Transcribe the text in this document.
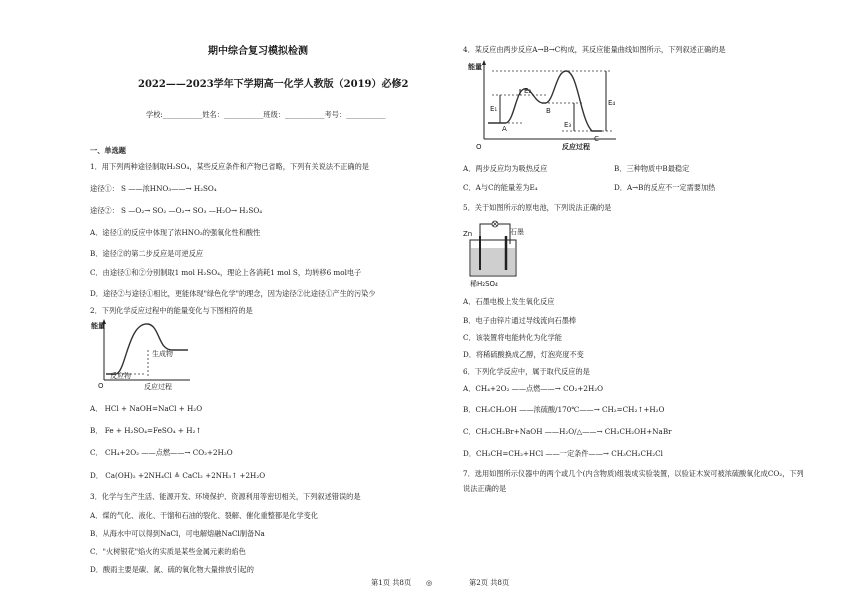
期中综合复习模拟检测
2022——2023学年下学期高一化学人教版（2019）必修2
学校:___________姓名：___________班级：___________考号：___________
一、单选题
1．用下列两种途径制取H₂SO₄，某些反应条件和产物已省略，下列有关说法不正确的是
途径①： S ——浓HNO₃——→ H₂SO₄
途径②： S —O₂→ SO₂ —O₂→ SO₃ —H₂O→ H₂SO₄
A．途径①的反应中体现了浓HNO₃的强氧化性和酸性
B．途径②的第二步反应是可逆反应
C．由途径①和②分别制取1 mol H₂SO₄，理论上各消耗1 mol S，均转移6 mol电子
D．途径②与途径①相比，更能体现"绿色化学"的理念，因为途径②比途径①产生的污染少
2．下列化学反应过程中的能量变化与下图相符的是
能量
生成物
反应物
O	反应过程
A． HCl + NaOH=NaCl + H₂O
B． Fe + H₂SO₄=FeSO₄ + H₂↑
C． CH₄+2O₂ ——点燃——→ CO₂+2H₂O
D． Ca(OH)₂ +2NH₄Cl ≜ CaCl₂ +2NH₃↑ +2H₂O
3．化学与生产生活、能源开发、环境保护、资源利用等密切相关，下列叙述错误的是
A．煤的气化、液化、干馏和石油的裂化、裂解、催化重整都是化学变化
B．从海水中可以得到NaCl，可电解熔融NaCl制备Na
C．"火树银花"焰火的实质是某些金属元素的焰色
D．酸雨主要是碳、氮、硫的氧化物大量排放引起的
4．某反应由两步反应A→B→C构成，其反应能量曲线如图所示，下列叙述正确的是
能量
A
B
C
E₁
E₂
E₃
E₄
O	反应过程
A．两步反应均为吸热反应	B．三种物质中B最稳定
C．A与C的能量差为E₄	D．A→B的反应不一定需要加热
5．关于如图所示的原电池，下列说法正确的是
Zn	石墨
稀H₂SO₄
A．石墨电极上发生氧化反应
B．电子由锌片通过导线流向石墨棒
C．该装置将电能转化为化学能
D．将稀硫酸换成乙醇，灯泡亮度不变
6．下列化学反应中，属于取代反应的是
A．CH₄+2O₂ ——点燃——→ CO₂+2H₂O
B．CH₃CH₂OH ——浓硫酸/170℃——→ CH₂=CH₂↑+H₂O
C．CH₃CH₂Br+NaOH ——H₂O/△——→ CH₃CH₂OH+NaBr
D．CH₃CH=CH₂+HCl ——一定条件——→ CH₃CH₂CH₂Cl
7．选用如图所示仪器中的两个或几个(内含物质)组装成实验装置，以验证木炭可被浓硫酸氧化成CO₂，下列
说法正确的是
第1页 共8页 ◎	第2页 共8页
